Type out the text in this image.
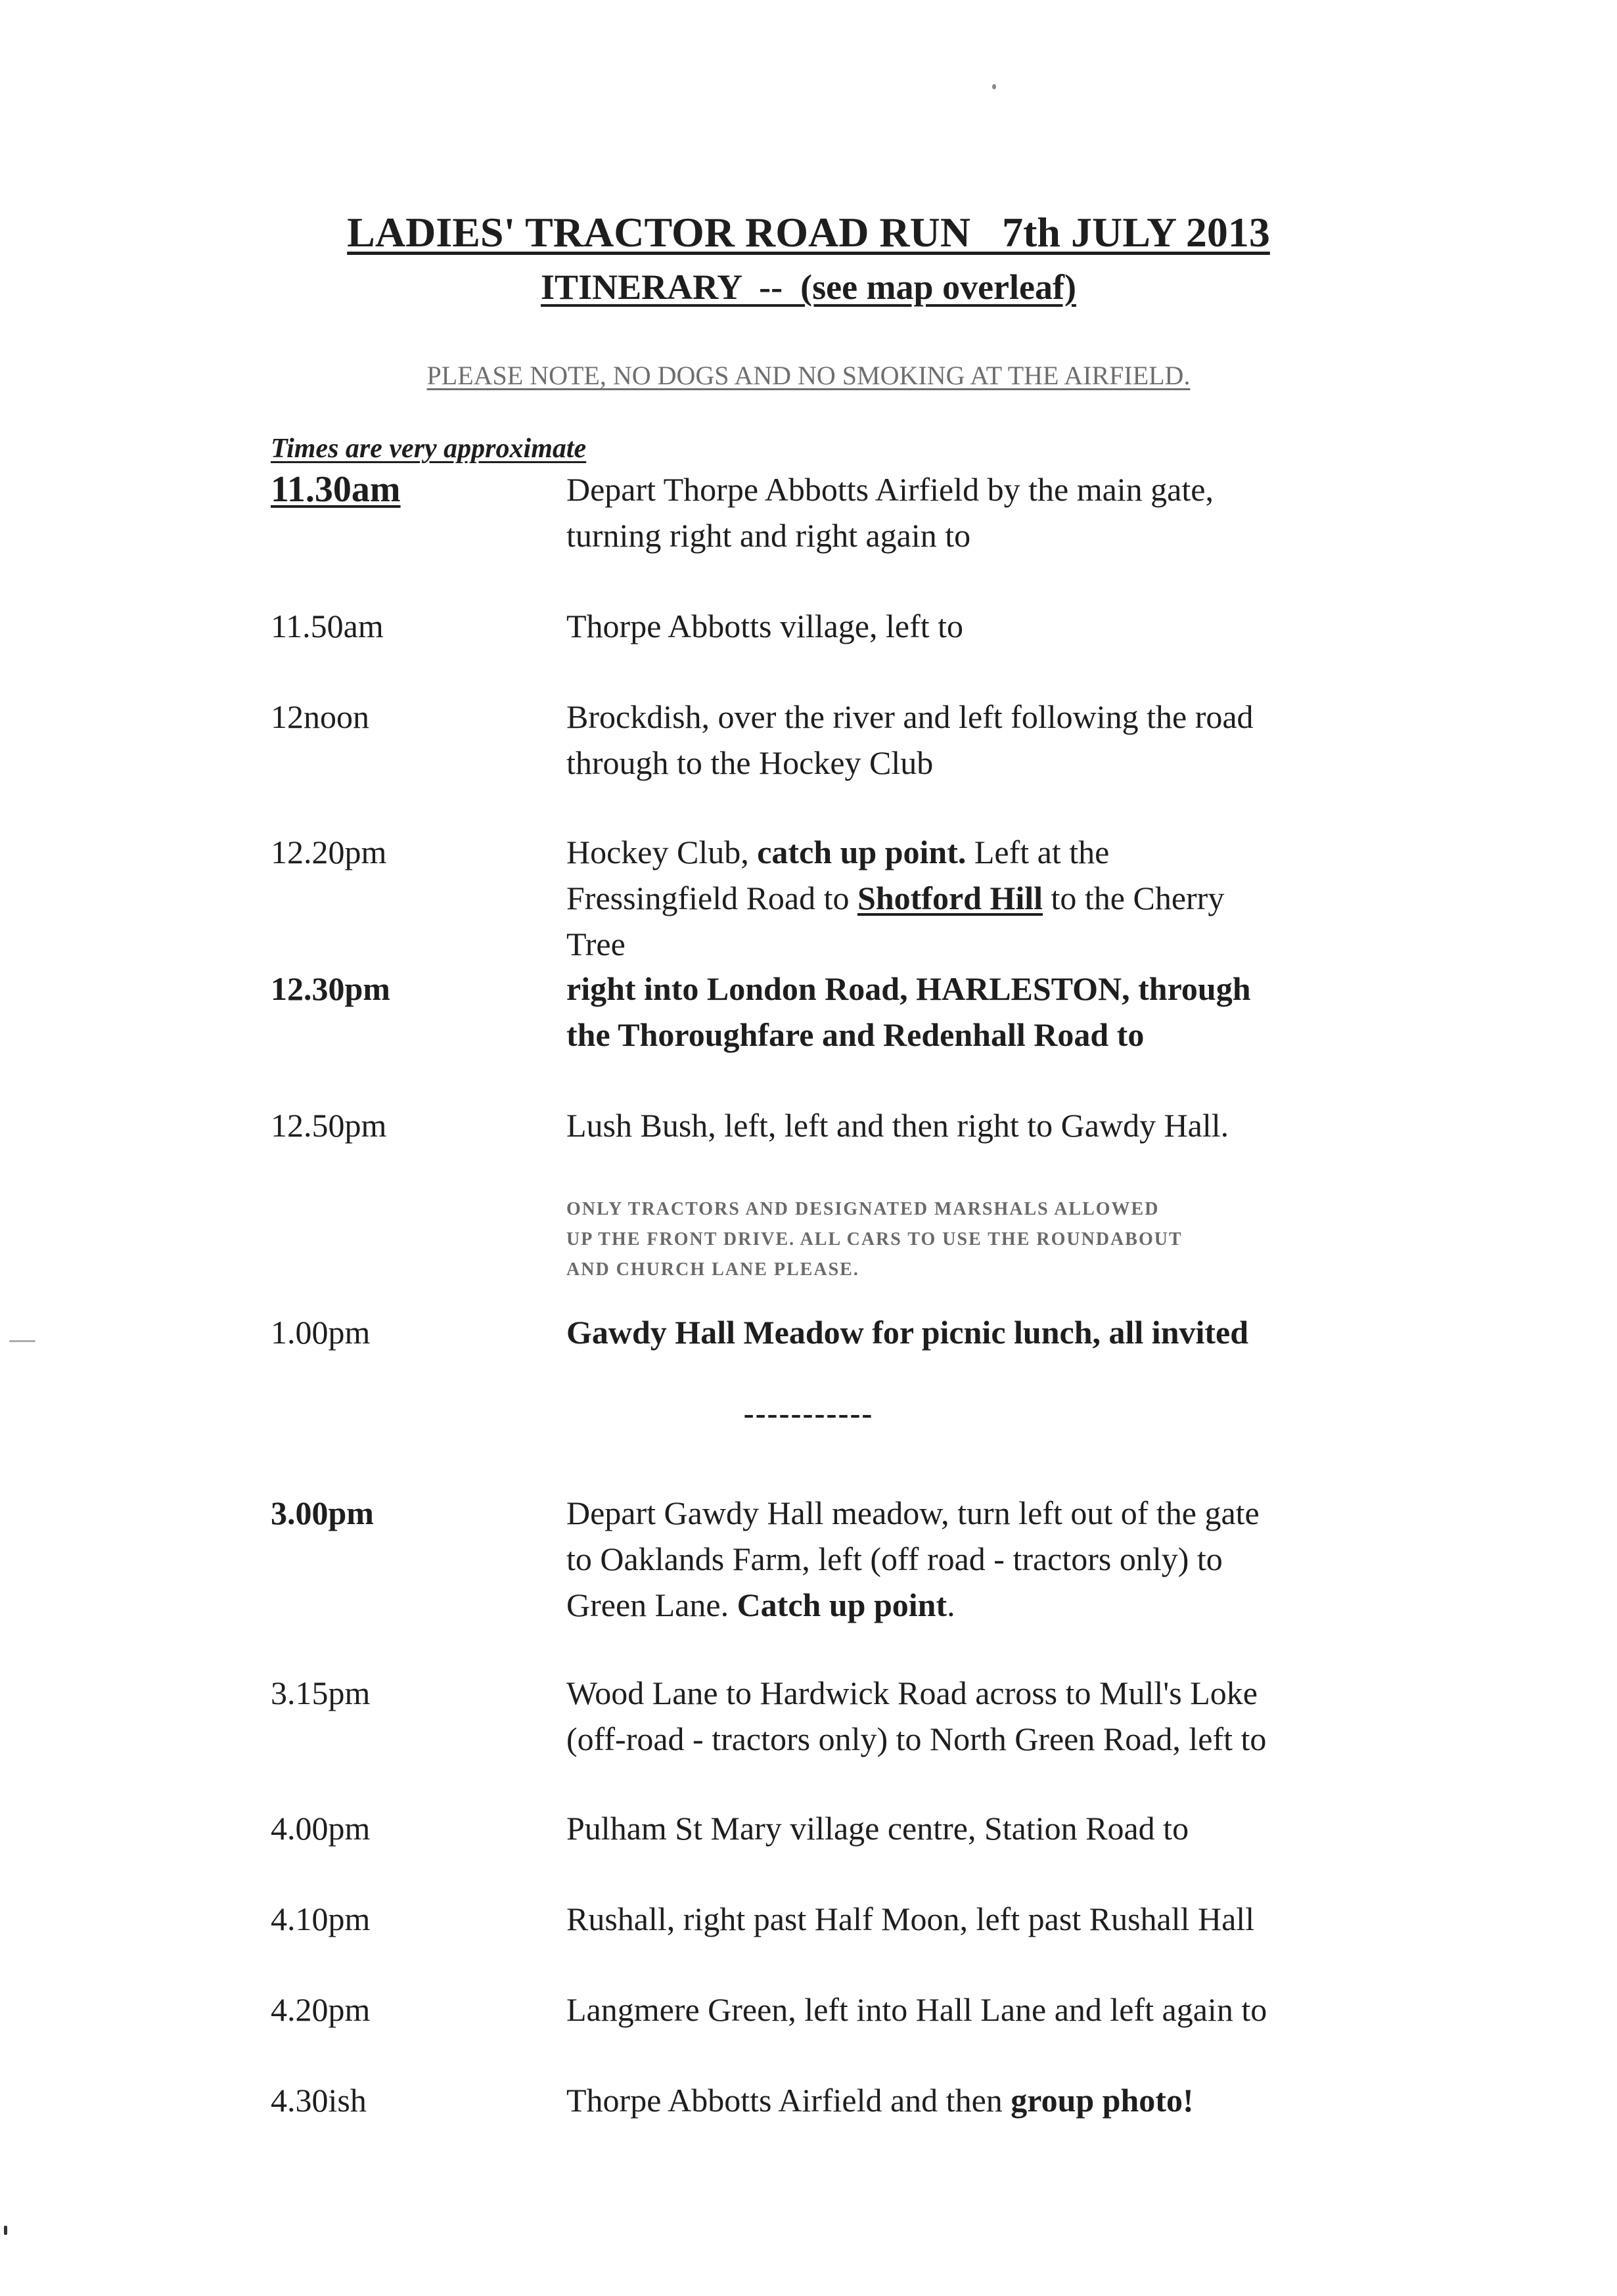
LADIES' TRACTOR ROAD RUN   7th JULY 2013
ITINERARY  --  (see map overleaf)
PLEASE NOTE, NO DOGS AND NO SMOKING AT THE AIRFIELD.
Times are very approximate
11.30am	Depart Thorpe Abbotts Airfield by the main gate,
turning right and right again to
11.50am	Thorpe Abbotts village, left to
12noon	Brockdish, over the river and left following the road
through to the Hockey Club
12.20pm	Hockey Club, catch up point. Left at the
Fressingfield Road to Shotford Hill to the Cherry
Tree
12.30pm	right into London Road, HARLESTON, through
the Thoroughfare and Redenhall Road to
12.50pm	Lush Bush, left, left and then right to Gawdy Hall.
ONLY TRACTORS AND DESIGNATED MARSHALS ALLOWED
UP THE FRONT DRIVE. ALL CARS TO USE THE ROUNDABOUT
AND CHURCH LANE PLEASE.
1.00pm	Gawdy Hall Meadow for picnic lunch, all invited
-----------
3.00pm	Depart Gawdy Hall meadow, turn left out of the gate
to Oaklands Farm, left (off road - tractors only) to
Green Lane. Catch up point.
3.15pm	Wood Lane to Hardwick Road across to Mull's Loke
(off-road - tractors only) to North Green Road, left to
4.00pm	Pulham St Mary village centre, Station Road to
4.10pm	Rushall, right past Half Moon, left past Rushall Hall
4.20pm	Langmere Green, left into Hall Lane and left again to
4.30ish	Thorpe Abbotts Airfield and then group photo!
